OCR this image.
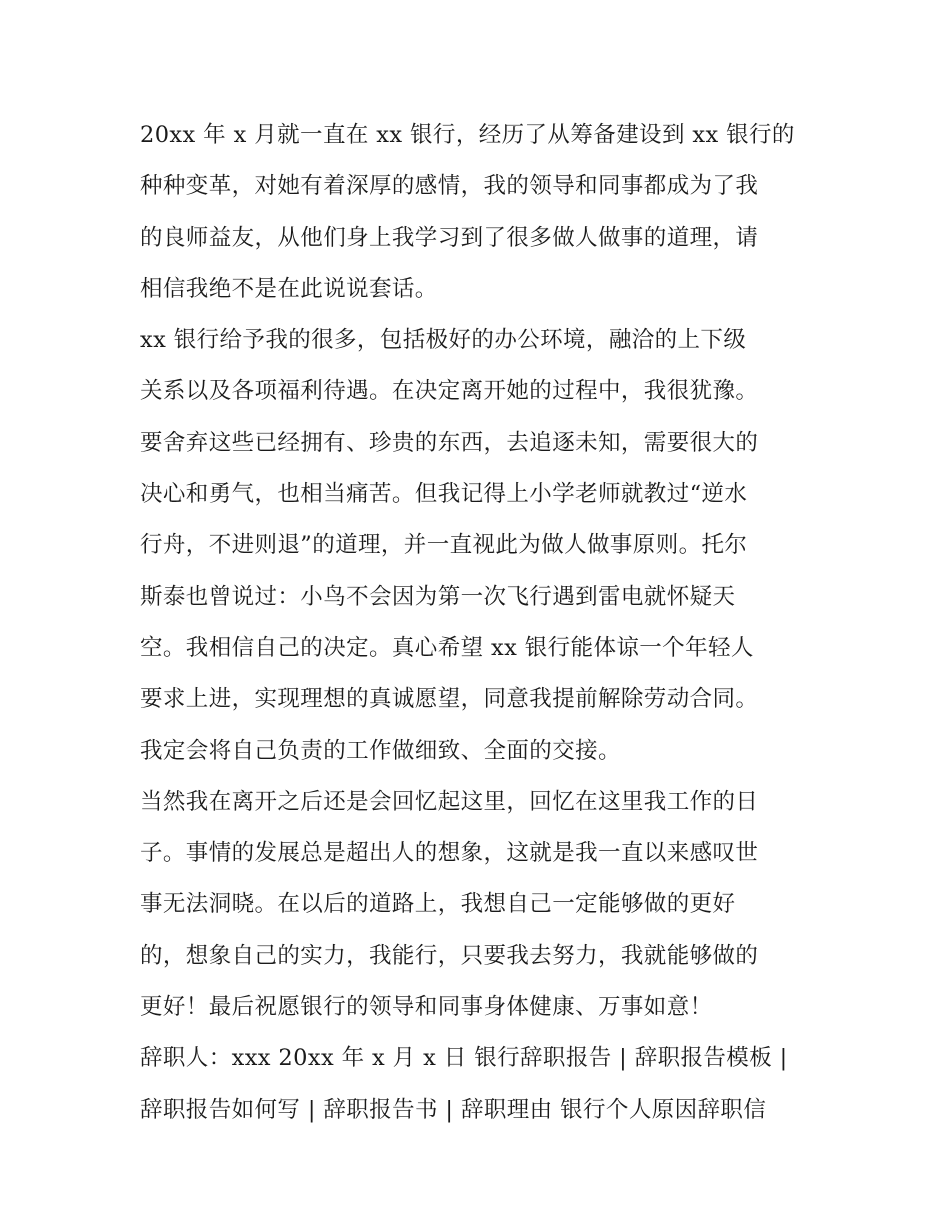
20xx 年 x 月就一直在 xx 银行，经历了从筹备建设到 xx 银行的
种种变革，对她有着深厚的感情，我的领导和同事都成为了我
的良师益友，从他们身上我学习到了很多做人做事的道理，请
相信我绝不是在此说说套话。
xx 银行给予我的很多，包括极好的办公环境，融洽的上下级
关系以及各项福利待遇。在决定离开她的过程中，我很犹豫。
要舍弃这些已经拥有、珍贵的东西，去追逐未知，需要很大的
决心和勇气，也相当痛苦。但我记得上小学老师就教过“逆水
行舟，不进则退”的道理，并一直视此为做人做事原则。托尔
斯泰也曾说过：小鸟不会因为第一次飞行遇到雷电就怀疑天
空。我相信自己的决定。真心希望 xx 银行能体谅一个年轻人
要求上进，实现理想的真诚愿望，同意我提前解除劳动合同。
我定会将自己负责的工作做细致、全面的交接。
当然我在离开之后还是会回忆起这里，回忆在这里我工作的日
子。事情的发展总是超出人的想象，这就是我一直以来感叹世
事无法洞晓。在以后的道路上，我想自己一定能够做的更好
的，想象自己的实力，我能行，只要我去努力，我就能够做的
更好！最后祝愿银行的领导和同事身体健康、万事如意！
辞职人：xxx 20xx 年 x 月 x 日 银行辞职报告 | 辞职报告模板 |
辞职报告如何写 | 辞职报告书 | 辞职理由 银行个人原因辞职信
